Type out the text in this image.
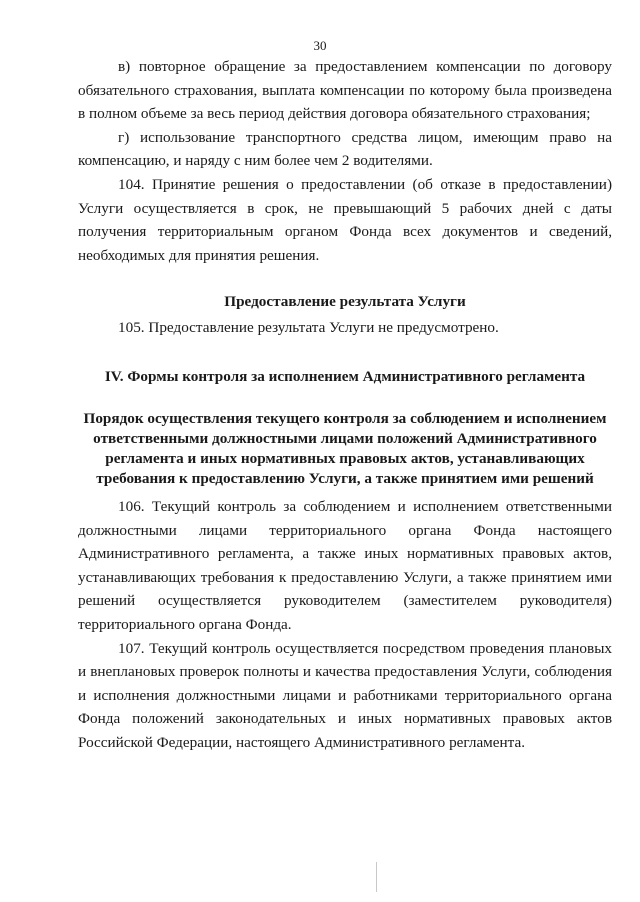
30

в) повторное обращение за предоставлением компенсации по договору обязательного страхования, выплата компенсации по которому была произведена в полном объеме за весь период действия договора обязательного страхования;

г) использование транспортного средства лицом, имеющим право на компенсацию, и наряду с ним более чем 2 водителями.

104. Принятие решения о предоставлении (об отказе в предоставлении) Услуги осуществляется в срок, не превышающий 5 рабочих дней с даты получения территориальным органом Фонда всех документов и сведений, необходимых для принятия решения.

Предоставление результата Услуги

105. Предоставление результата Услуги не предусмотрено.

IV. Формы контроля за исполнением Административного регламента

Порядок осуществления текущего контроля за соблюдением и исполнением ответственными должностными лицами положений Административного регламента и иных нормативных правовых актов, устанавливающих требования к предоставлению Услуги, а также принятием ими решений

106. Текущий контроль за соблюдением и исполнением ответственными должностными лицами территориального органа Фонда настоящего Административного регламента, а также иных нормативных правовых актов, устанавливающих требования к предоставлению Услуги, а также принятием ими решений осуществляется руководителем (заместителем руководителя) территориального органа Фонда.

107. Текущий контроль осуществляется посредством проведения плановых и внеплановых проверок полноты и качества предоставления Услуги, соблюдения и исполнения должностными лицами и работниками территориального органа Фонда положений законодательных и иных нормативных правовых актов Российской Федерации, настоящего Административного регламента.
